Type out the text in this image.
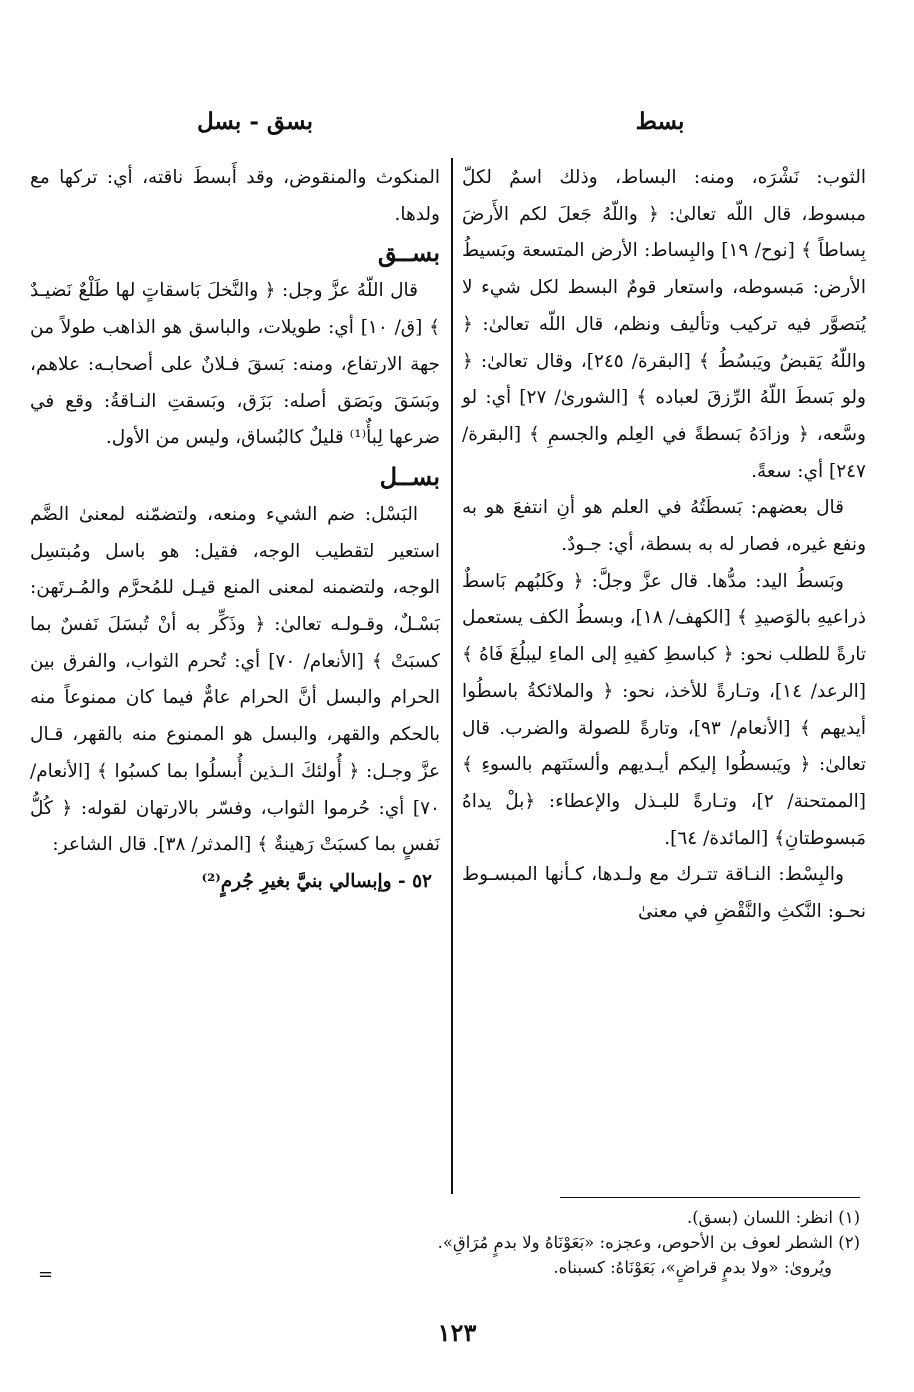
بسط
بسق - بسل

الثوب: نَشْرَه، ومنه: البساط، وذلك اسمٌ لكلّ مبسوط، قال اللّه تعالىٰ: ﴿ واللّهُ جَعلَ لكم الأَرضَ بِساطاً ﴾ [نوح/ ١٩] والبِساط: الأرض المتسعة وبَسيطُ الأرض: مَبسوطه، واستعار قومٌ البسط لكل شيء لا يُتصوَّر فيه تركيب وتأليف ونظم، قال اللّه تعالىٰ: ﴿ واللّهُ يَقبضُ ويَبسُطُ ﴾ [البقرة/ ٢٤٥]، وقال تعالىٰ: ﴿ ولو بَسطَ اللّهُ الرِّزقَ لعباده ﴾ [الشورىٰ/ ٢٧] أي: لو وسَّعه، ﴿ وزادَهُ بَسطةً في العِلم والجسمِ ﴾ [البقرة/ ٢٤٧] أي: سعةً.

قال بعضهم: بَسطَتُهُ في العلم هو أنِ انتفعَ هو به ونفع غيره، فصار له به بسطة، أي: جـودٌ.

وبَسطُ اليد: مدُّها. قال عزَّ وجلَّ: ﴿ وكَلبُهم بَاسطٌ ذراعيهِ بالوَصيدِ ﴾ [الكهف/ ١٨]، وبسطُ الكف يستعمل تارةً للطلب نحو: ﴿ كباسطِ كفيهِ إلى الماءِ ليبلُغَ فَاهُ ﴾ [الرعد/ ١٤]، وتـارةً للأخذ، نحو: ﴿ والملائكةُ باسطُوا أيديهم ﴾ [الأنعام/ ٩٣]، وتارةً للصولة والضرب. قال تعالىٰ: ﴿ ويَبسطُوا إليكم أيـديهم وألسنَتهم بالسوءِ ﴾ [الممتحنة/ ٢]، وتـارةً للبـذل والإعطاء: ﴿بلْ يداهُ مَبسوطتانِ﴾ [المائدة/ ٦٤].

والبِسْط: النـاقة تتـرك مع ولـدها، كـأنها المبسـوط نحـو: النَّكثِ والنَّقْضِ في معنىٰ

المنكوث والمنقوض، وقد أَبسطَ ناقته، أي: تركها مع ولدها.

بســق

قال اللّهُ عزَّ وجل: ﴿ والنَّخلَ بَاسقاتٍ لها طَلْعٌ نَضيـدٌ ﴾ [ق/ ١٠] أي: طويلات، والباسق هو الذاهب طولاً من جهة الارتفاع، ومنه: بَسقَ فـلانٌ على أصحابـه: علاهم، وبَسَقَ وبَصَق أصله: بَزَق، وبَسقتِ النـاقةُ: وقع في ضرعها لِبأٌ⁽¹⁾ قليلٌ كالبُساق، وليس من الأول.

بســل

البَسْل: ضم الشيء ومنعه، ولتضمّنه لمعنىٰ الضَّم استعير لتقطيب الوجه، فقيل: هو باسل ومُبتسِل الوجه، ولتضمنه لمعنى المنع قيـل للمُحرَّم والمُـرتَهن: بَسْـلٌ، وقـولـه تعالىٰ: ﴿ وذَكِّر به أنْ تُبسَلَ نَفسٌ بما كسبَتْ ﴾ [الأنعام/ ٧٠] أي: تُحرم الثواب، والفرق بين الحرام والبسل أنَّ الحرام عامٌّ فيما كان ممنوعاً منه بالحكم والقهر، والبسل هو الممنوع منه بالقهر، قـال عزَّ وجـل: ﴿ أُولئكَ الـذين أُبسلُوا بما كسبُوا ﴾ [الأنعام/ ٧٠] أي: حُرموا الثواب، وفسّر بالارتهان لقوله: ﴿ كُلُّ نَفسٍ بما كسبَتْ رَهينةٌ ﴾ [المدثر/ ٣٨]. قال الشاعر:

٥٢ - وإبسالي بنيَّ بغيرِ جُرمٍ⁽²⁾

(١) انظر: اللسان (بسق).

(٢) الشطر لعوف بن الأحوص، وعجزه: «بَعَوْنَاهُ ولا بدمٍ مُرَاقِ».

ويُروىٰ: «ولا بدمٍ قراضٍ»، بَعَوْنَاهُ: كسبناه.

=
١٢٣
